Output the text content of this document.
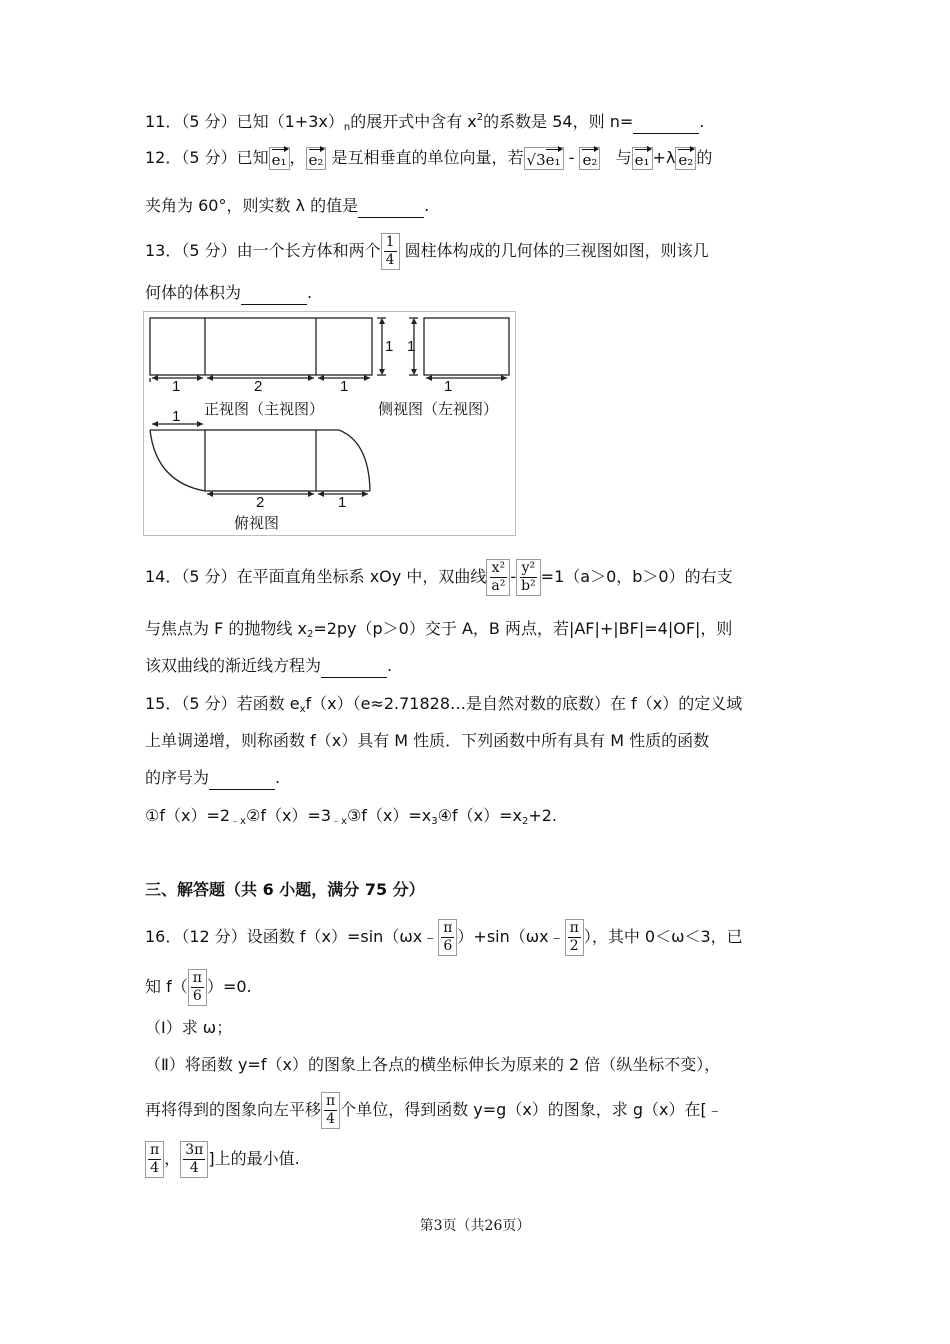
11．（5 分）已知$(1+3x)_n$的展开式中含有 $x^2$的系数是 54，则 n=	.
12．（5 分）已知 e₁ ， e₂ 是互相垂直的单位向量，若 √3e₁ - e₂ 与 e₁ +λ e₂ 的
夹角为 60°，则实数 λ 的值是	.
13．（5 分）由一个长方体和两个 $\frac{1}{4}$ 圆柱体构成的几何体的三视图如图，则该几
何体的体积为	.
1	2	1
1 1
1
正视图（主视图）	侧视图（左视图）
1
2	1
俯视图
14．（5 分）在平面直角坐标系 xOy 中，双曲线 $\frac{\text{x²}}{\text{a²}} - \frac{\text{y²}}{\text{b²}} =1(a>0$，b＞0）的右支
与焦点为 F 的抛物线 $x_2=2py(p>0)$交于 A，B 两点，若|AF|+|BF|=4|OF|，则
该双曲线的渐近线方程为	.
15．（5 分）若函数 $e_xf(x)(e\approx 2.71828\dots$是自然对数的底数）在 f（x）的定义域
上单调递增，则称函数 f（x）具有 M 性质．下列函数中所有具有 M 性质的函数
的序号为	.
$①f(x)=2_{﹣x}②f(x)=3_{﹣x}③f(x)=x_3④f(x)=x_2+2$.
三、解答题（共 6 小题，满分 75 分）
16．（12 分）设函数 f（x）=sin（ωx﹣ $\frac{\pi}{6}$ ）+sin（ωx﹣ $\frac{\pi}{2}$ ），其中 0＜ω＜3，已
知 $f( \frac{\pi}{6} )=0$.
（Ⅰ）求 ω；
（Ⅱ）将函数 y=f（x）的图象上各点的横坐标伸长为原来的 2 倍（纵坐标不变），
再将得到的图象向左平移 $\frac{\pi}{4}$ 个单位，得到函数 y=g（x）的图象，求 g（x）在[﹣
$\frac{\pi}{4}$ ， $\frac{3\pi}{4}$ ]上的最小值.
第3页（共26页）
